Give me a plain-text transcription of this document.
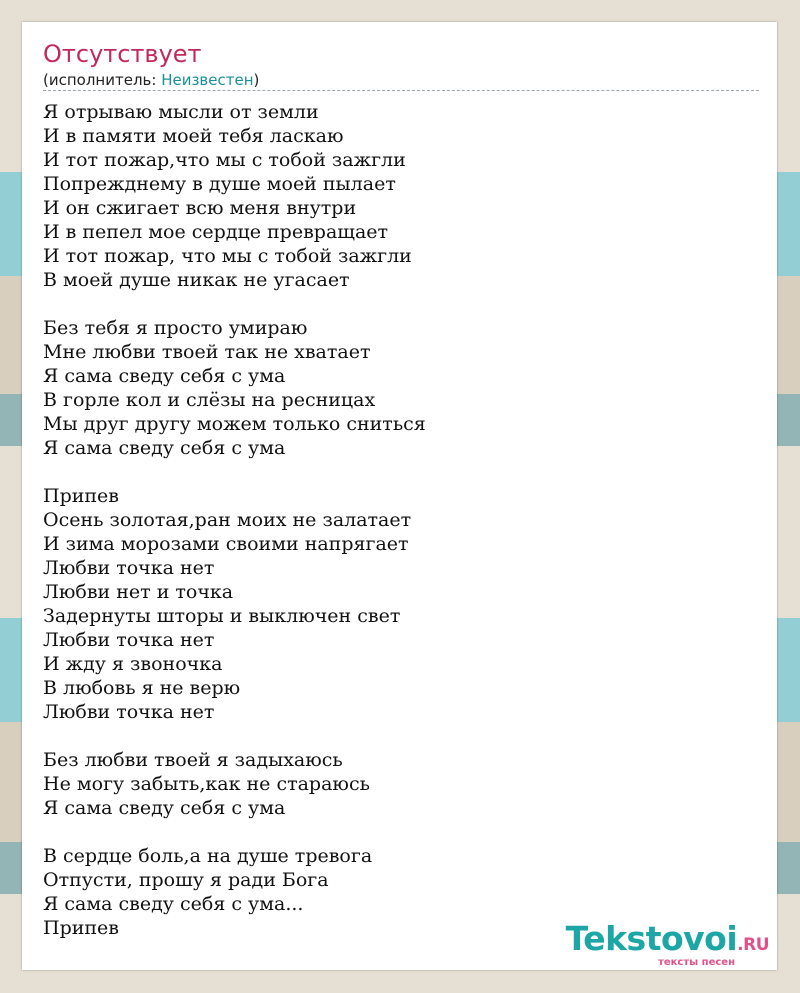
Отсутствует
(исполнитель: Неизвестен)
Я отрываю мысли от земли
И в памяти моей тебя ласкаю
И тот пожар,что мы с тобой зажгли
Попрежднему в душе моей пылает
И он сжигает всю меня внутри
И в пепел мое сердце превращает
И тот пожар, что мы с тобой зажгли
В моей душе никак не угасает
Без тебя я просто умираю
Мне любви твоей так не хватает
Я сама сведу себя с ума
В горле кол и слёзы на ресницах
Мы друг другу можем только сниться
Я сама сведу себя с ума
Припев
Осень золотая,ран моих не залатает
И зима морозами своими напрягает
Любви точка нет
Любви нет и точка
Задернуты шторы и выключен свет
Любви точка нет
И жду я звоночка
В любовь я не верю
Любви точка нет
Без любви твоей я задыхаюсь
Не могу забыть,как не стараюсь
Я сама сведу себя с ума
В сердце боль,а на душе тревога
Отпусти, прошу я ради Бога
Я сама сведу себя с ума...
Припев	Tekstovoi.RU
тексты песен
